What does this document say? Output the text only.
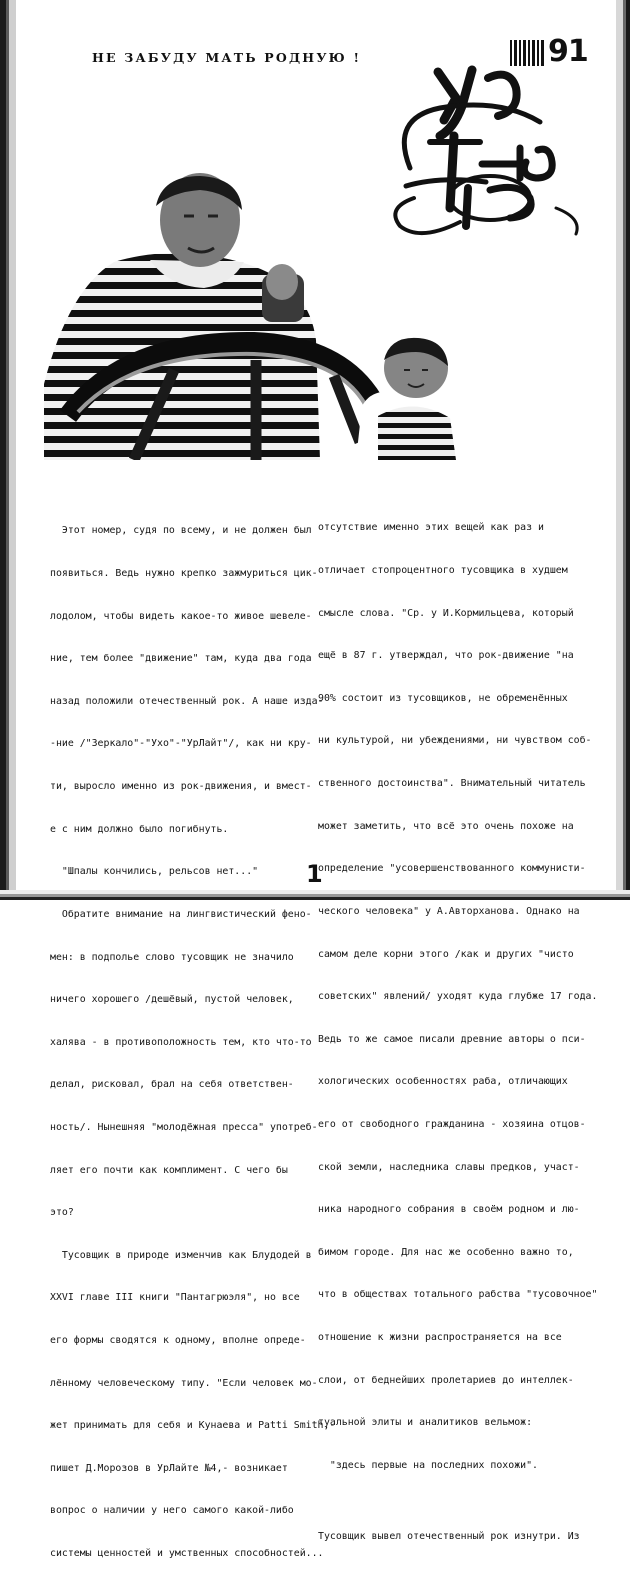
НЕ ЗАБУДУ МАТЬ РОДНУЮ !	91

Этот номер, судя по всему, и не должен был

появиться. Ведь нужно крепко зажмуриться цик-

лодолом, чтобы видеть какое-то живое шевеле-

ние, тем более "движение" там, куда два года

назад положили отечественный рок. А наше изда-

-ние /"Зеркало"-"Ухо"-"УрЛайт"/, как ни кру-

ти, выросло именно из рок-движения, и вмест-

е с ним должно было погибнуть.

"Шпалы кончились, рельсов нет..."

Обратите внимание на лингвистический фено-

мен: в подполье слово тусовщик не значило

ничего хорошего /дешёвый, пустой человек,

халява - в противоположность тем, кто что-то

делал, рисковал, брал на себя ответствен-

ность/. Нынешняя "молодёжная пресса" употреб-

ляет его почти как комплимент. С чего бы

это?

Тусовщик в природе изменчив как Блудодей в

XXVI главе III книги "Пантагрюэля", но все

его формы сводятся к одному, вполне опреде-

лённому человеческому типу. "Если человек мо-

жет принимать для себя и Кунаева и Patti Smith,-

пишет Д.Морозов в УрЛайте №4,- возникает

вопрос о наличии у него самого какой-либо

системы ценностей и умственных способностей...

отсутствие именно этих вещей как раз и

отличает стопроцентного тусовщика в худшем

смысле слова. "Ср. у И.Кормильцева, который

ещё в 87 г. утверждал, что рок-движение "на

90% состоит из тусовщиков, не обременённых

ни культурой, ни убеждениями, ни чувством соб-

ственного достоинства". Внимательный читатель

может заметить, что всё это очень похоже на

определение "усовершенствованного коммунисти-

ческого человека" у А.Авторханова. Однако на

самом деле корни этого /как и других "чисто

советских" явлений/ уходят куда глубже 17 года.

Ведь то же самое писали древние авторы о пси-

хологических особенностях раба, отличающих

его от свободного гражданина - хозяина отцов-

ской земли, наследника славы предков, участ-

ника народного собрания в своём родном и лю-

бимом городе. Для нас же особенно важно то,

что в обществах тотального рабства "тусовочное"

отношение к жизни распространяется на все

слои, от беднейших пролетариев до интеллек-

туальной элиты и аналитиков вельмож:

"здесь первые на последних похожи".

Тусовщик вывел отечественный рок изнутри. Из

1
